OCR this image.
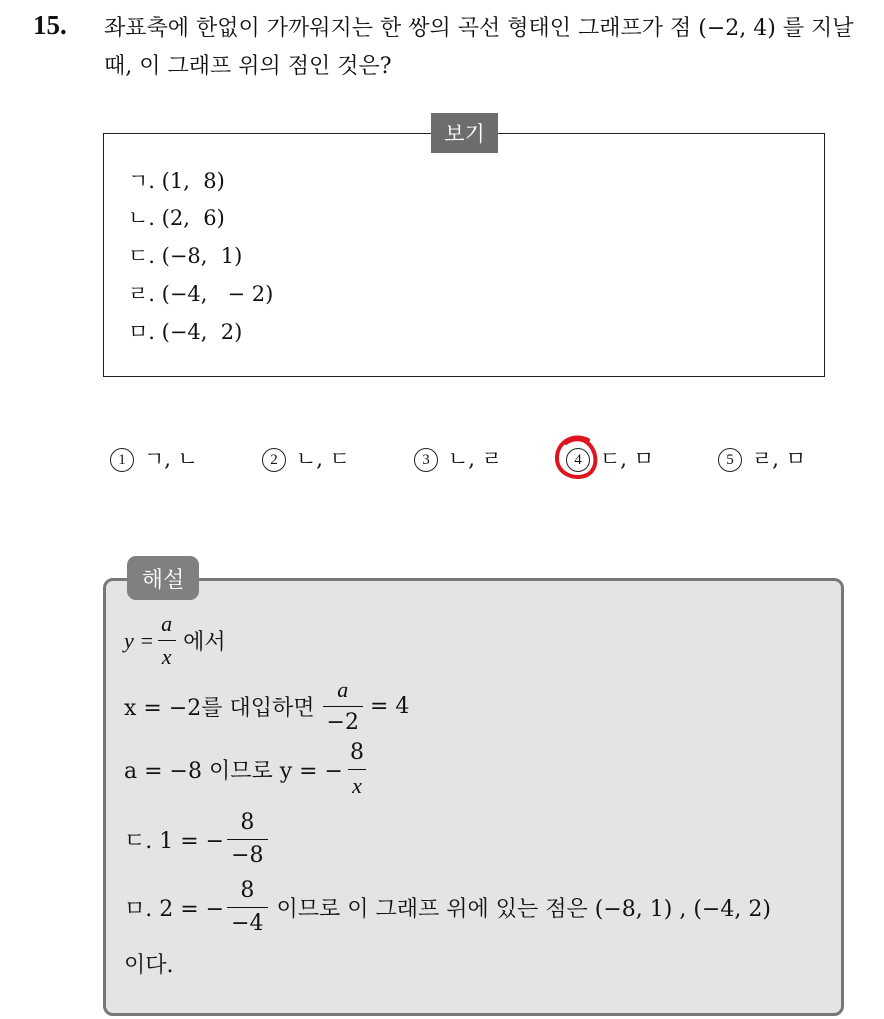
15. 좌표축에 한없이 가까워지는 한 쌍의 곡선 형태인 그래프가 점 (−2, 4) 를 지날 때, 이 그래프 위의 점인 것은?
보기
ㄱ. (1,  8)
ㄴ. (2,  6)
ㄷ. (−8,  1)
ㄹ. (−4,   − 2)
ㅁ. (−4,  2)
1 ㄱ, ㄴ	2 ㄴ, ㄷ	3 ㄴ, ㄹ	4 ㄷ, ㅁ	5 ㄹ, ㅁ
해설
$y = \frac{a}{x}$ 에서
x = −2를 대입하면 $\frac{a}{-2} = 4$
a = −8 이므로 y = − $\frac{8}{x}$
ㄷ. 1 = − $\frac{8}{-8}$
ㅁ. 2 = − $\frac{8}{-4}$ 이므로 이 그래프 위에 있는 점은 (−8, 1) , (−4, 2)
이다.
